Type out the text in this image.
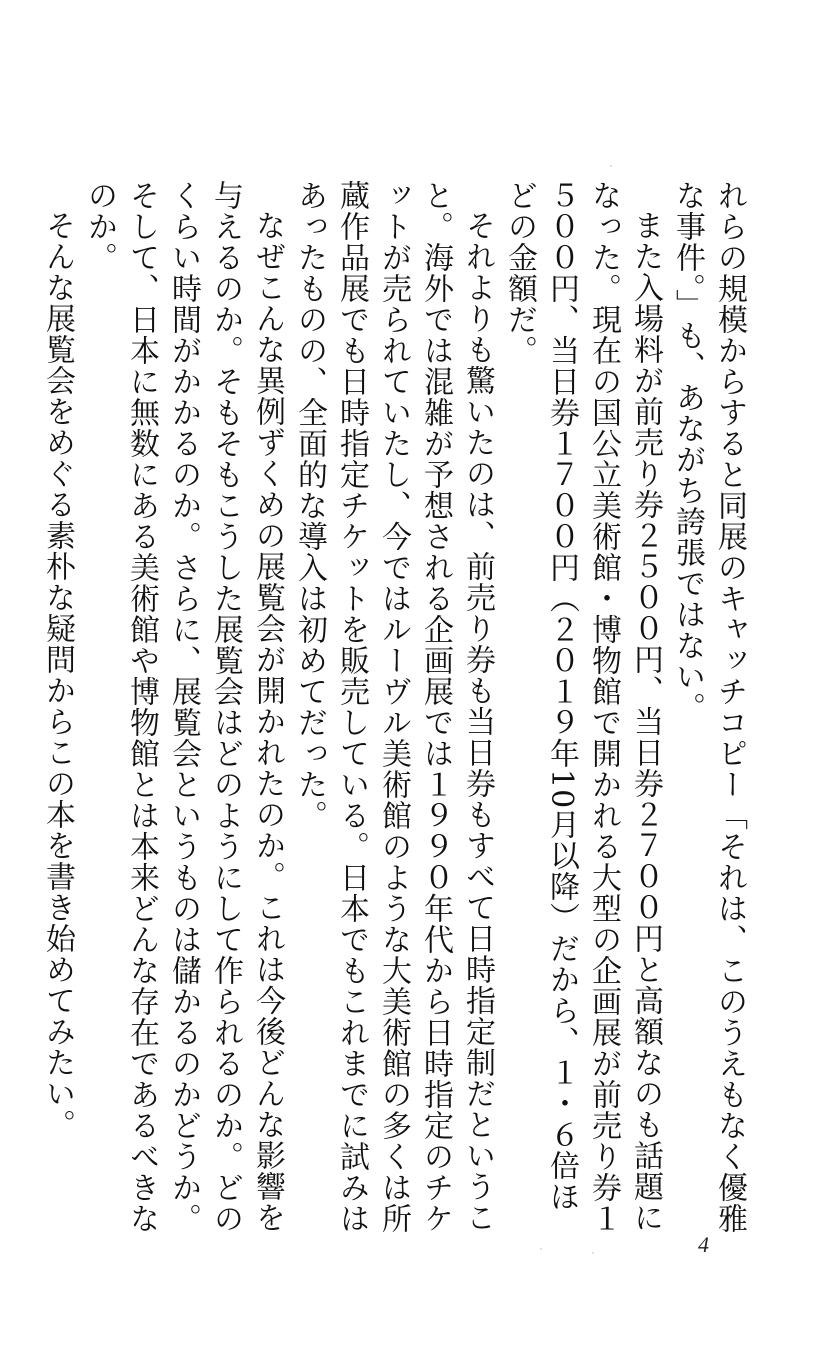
れらの規模からすると同展のキャッチコピー「それは、このうえもなく優雅な事件。」も、あながち誇張ではない。

また入場料が前売り券２５００円、当日券２７００円と高額なのも話題になった。現在の国公立美術館・博物館で開かれる大型の企画展が前売り券１５００円、当日券１７００円（２０１９年10月以降）だから、１・６倍ほどの金額だ。

それよりも驚いたのは、前売り券も当日券もすべて日時指定制だということ。海外では混雑が予想される企画展では１９９０年代から日時指定のチケットが売られていたし、今ではルーヴル美術館のような大美術館の多くは所蔵作品展でも日時指定チケットを販売している。日本でもこれまでに試みはあったものの、全面的な導入は初めてだった。

なぜこんな異例ずくめの展覧会が開かれたのか。これは今後どんな影響を与えるのか。そもそもこうした展覧会はどのようにして作られるのか。どのくらい時間がかかるのか。さらに、展覧会というものは儲かるのかどうか。そして、日本に無数にある美術館や博物館とは本来どんな存在であるべきなのか。

そんな展覧会をめぐる素朴な疑問からこの本を書き始めてみたい。

4
